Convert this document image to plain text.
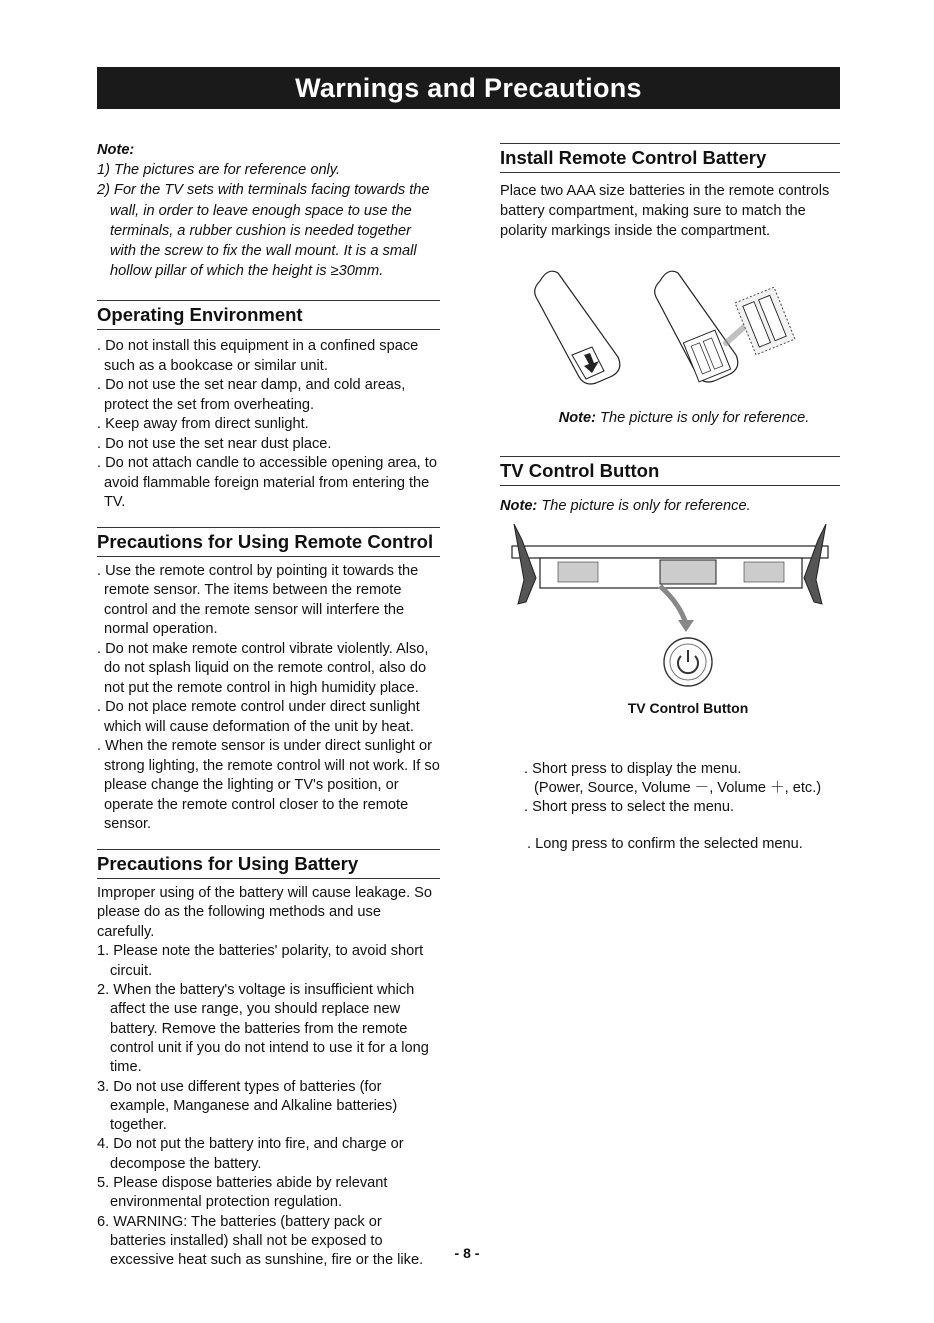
Warnings and Precautions
Note:
1) The pictures are for reference only.
2) For the TV sets with terminals facing towards the wall, in order to leave enough space to use the terminals, a rubber cushion is needed together with the screw to fix the wall mount. It is a small hollow pillar of which the height is ≥30mm.
Operating Environment
. Do not install this equipment in a confined space such as a bookcase or similar unit.
. Do not use the set near damp, and cold areas, protect the set from overheating.
. Keep away from direct sunlight.
. Do not use the set near dust place.
. Do not attach candle to accessible opening area, to avoid flammable foreign material from entering the TV.
Precautions for Using Remote Control
. Use the remote control by pointing it towards the remote sensor. The items between the remote control and the remote sensor will interfere the normal operation.
. Do not make remote control vibrate violently. Also, do not splash liquid on the remote control, also do not put the remote control in high humidity place.
. Do not place remote control under direct sunlight which will cause deformation of the unit by heat.
. When the remote sensor is under direct sunlight or strong lighting, the remote control will not work. If so please change the lighting or TV's position, or operate the remote control closer to the remote sensor.
Precautions for Using Battery
Improper using of the battery will cause leakage. So please do as the following methods and use carefully.
1. Please note the batteries' polarity, to avoid short circuit.
2. When the battery's voltage is insufficient which affect the use range, you should replace new battery. Remove the batteries from the remote control unit if you do not intend to use it for a long time.
3. Do not use different types of batteries (for example, Manganese and Alkaline batteries) together.
4. Do not put the battery into fire, and charge or decompose the battery.
5. Please dispose batteries abide by relevant environmental protection regulation.
6. WARNING: The batteries (battery pack or batteries installed) shall not be exposed to excessive heat such as sunshine, fire or the like.
Install Remote Control Battery
Place two AAA size batteries in the remote controls battery compartment, making sure to match the polarity markings inside the compartment.
Note: The picture is only for reference.
TV Control Button
Note: The picture is only for reference.
TV Control Button
. Short press to display the menu.
(Power, Source, Volume －, Volume ＋, etc.)
. Short press to select the menu.
. Long press to confirm the selected menu.
- 8 -
